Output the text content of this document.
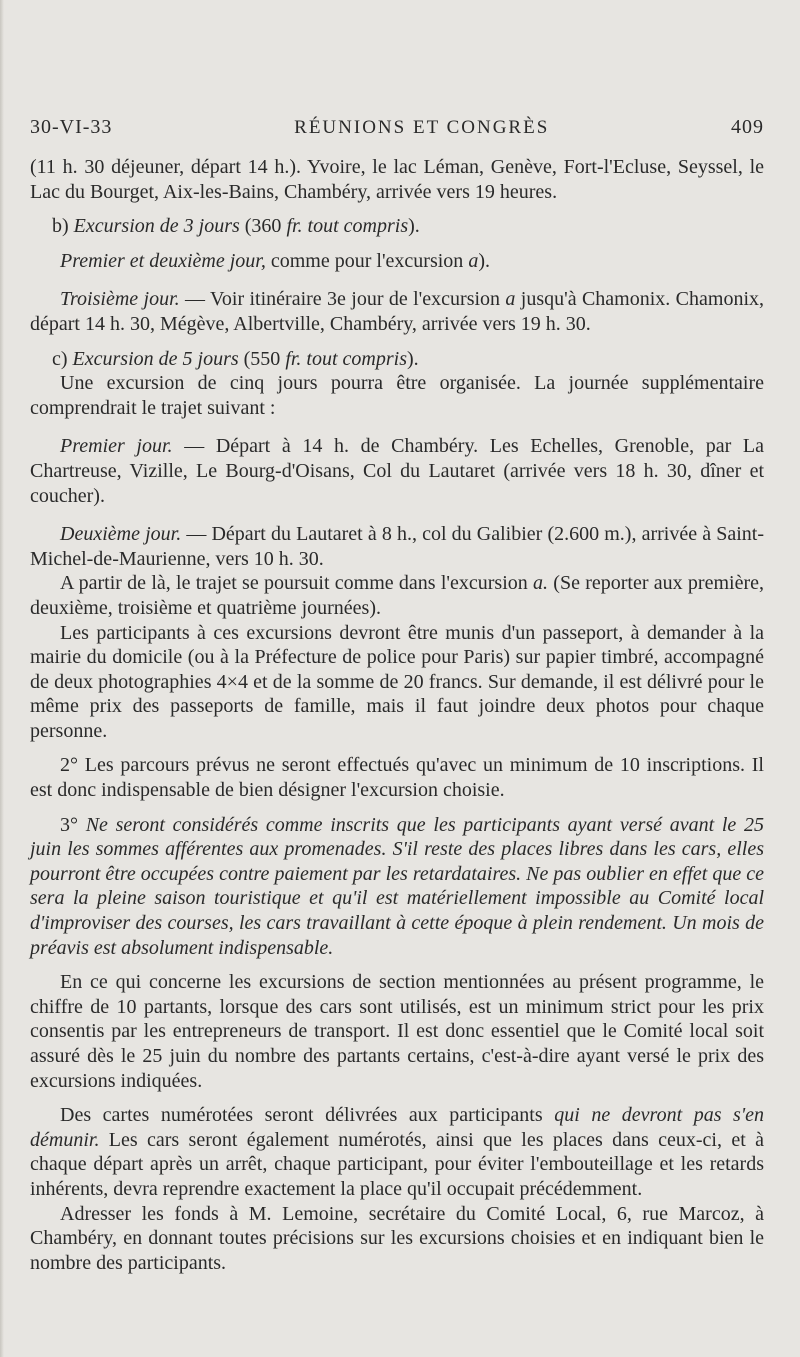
30-VI-33	RÉUNIONS ET CONGRÈS	409

(11 h. 30 déjeuner, départ 14 h.). Yvoire, le lac Léman, Genève, Fort-l'Ecluse, Seyssel, le Lac du Bourget, Aix-les-Bains, Chambéry, arrivée vers 19 heures.

b) Excursion de 3 jours (360 fr. tout compris).

Premier et deuxième jour, comme pour l'excursion a).

Troisième jour. — Voir itinéraire 3e jour de l'excursion a jusqu'à Chamonix. Chamonix, départ 14 h. 30, Mégève, Albertville, Chambéry, arrivée vers 19 h. 30.

c) Excursion de 5 jours (550 fr. tout compris).

Une excursion de cinq jours pourra être organisée. La journée supplémentaire comprendrait le trajet suivant :

Premier jour. — Départ à 14 h. de Chambéry. Les Echelles, Grenoble, par La Chartreuse, Vizille, Le Bourg-d'Oisans, Col du Lautaret (arrivée vers 18 h. 30, dîner et coucher).

Deuxième jour. — Départ du Lautaret à 8 h., col du Galibier (2.600 m.), arrivée à Saint-Michel-de-Maurienne, vers 10 h. 30.

A partir de là, le trajet se poursuit comme dans l'excursion a. (Se reporter aux première, deuxième, troisième et quatrième journées).

Les participants à ces excursions devront être munis d'un passeport, à demander à la mairie du domicile (ou à la Préfecture de police pour Paris) sur papier timbré, accompagné de deux photographies 4×4 et de la somme de 20 francs. Sur demande, il est délivré pour le même prix des passeports de famille, mais il faut joindre deux photos pour chaque personne.

2° Les parcours prévus ne seront effectués qu'avec un minimum de 10 inscriptions. Il est donc indispensable de bien désigner l'excursion choisie.

3° Ne seront considérés comme inscrits que les participants ayant versé avant le 25 juin les sommes afférentes aux promenades. S'il reste des places libres dans les cars, elles pourront être occupées contre paiement par les retardataires. Ne pas oublier en effet que ce sera la pleine saison touristique et qu'il est matériellement impossible au Comité local d'improviser des courses, les cars travaillant à cette époque à plein rendement. Un mois de préavis est absolument indispensable.

En ce qui concerne les excursions de section mentionnées au présent programme, le chiffre de 10 partants, lorsque des cars sont utilisés, est un minimum strict pour les prix consentis par les entrepreneurs de transport. Il est donc essentiel que le Comité local soit assuré dès le 25 juin du nombre des partants certains, c'est-à-dire ayant versé le prix des excursions indiquées.

Des cartes numérotées seront délivrées aux participants qui ne devront pas s'en démunir. Les cars seront également numérotés, ainsi que les places dans ceux-ci, et à chaque départ après un arrêt, chaque participant, pour éviter l'embouteillage et les retards inhérents, devra reprendre exactement la place qu'il occupait précédemment.

Adresser les fonds à M. Lemoine, secrétaire du Comité Local, 6, rue Marcoz, à Chambéry, en donnant toutes précisions sur les excursions choisies et en indiquant bien le nombre des participants.
